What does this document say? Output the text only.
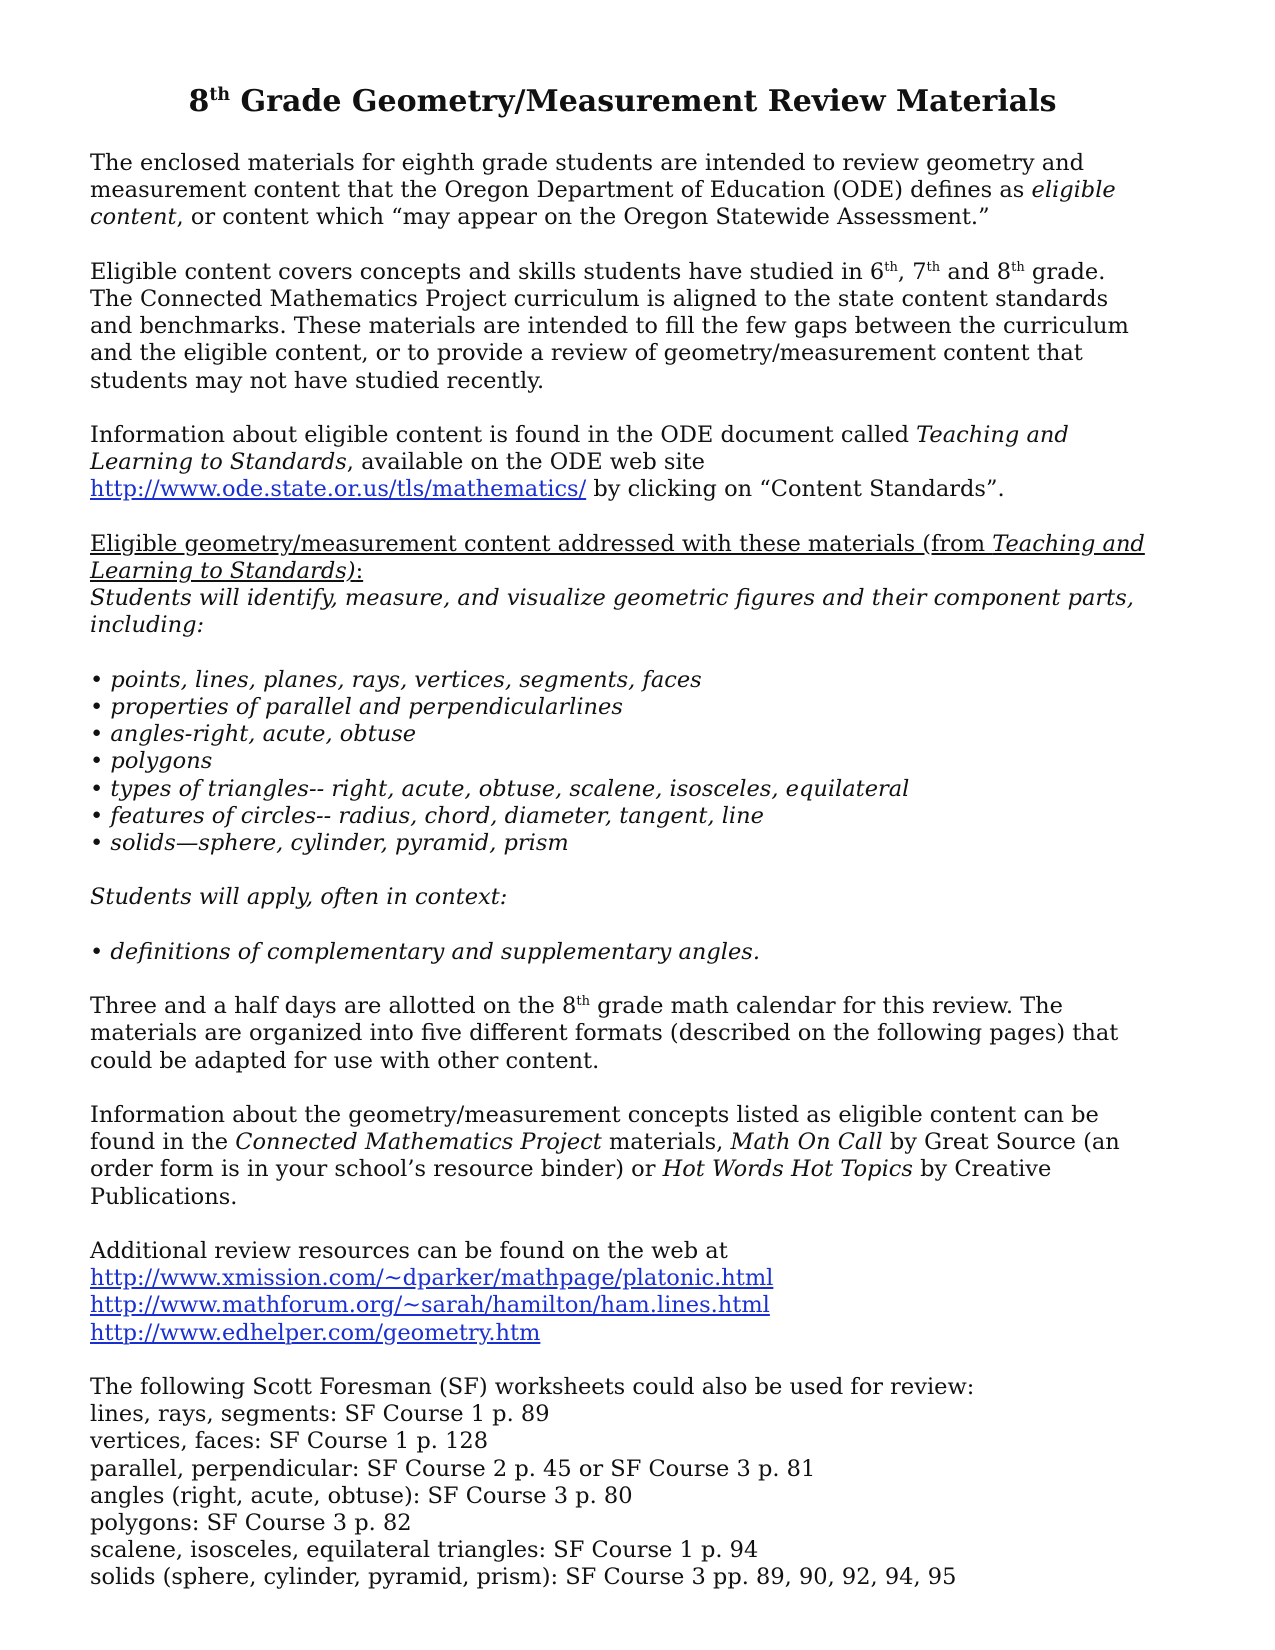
8th Grade Geometry/Measurement Review Materials

The enclosed materials for eighth grade students are intended to review geometry and measurement content that the Oregon Department of Education (ODE) defines as eligible content, or content which “may appear on the Oregon Statewide Assessment.”

Eligible content covers concepts and skills students have studied in 6th, 7th and 8th grade. The Connected Mathematics Project curriculum is aligned to the state content standards and benchmarks. These materials are intended to fill the few gaps between the curriculum and the eligible content, or to provide a review of geometry/measurement content that students may not have studied recently.

Information about eligible content is found in the ODE document called Teaching and Learning to Standards, available on the ODE web site http://www.ode.state.or.us/tls/mathematics/ by clicking on “Content Standards”.

Eligible geometry/measurement content addressed with these materials (from Teaching and Learning to Standards):

Students will identify, measure, and visualize geometric figures and their component parts, including:

• points, lines, planes, rays, vertices, segments, faces
• properties of parallel and perpendicularlines
• angles-right, acute, obtuse
• polygons
• types of triangles-- right, acute, obtuse, scalene, isosceles, equilateral
• features of circles-- radius, chord, diameter, tangent, line
• solids—sphere, cylinder, pyramid, prism

Students will apply, often in context:

• definitions of complementary and supplementary angles.

Three and a half days are allotted on the 8th grade math calendar for this review. The materials are organized into five different formats (described on the following pages) that could be adapted for use with other content.

Information about the geometry/measurement concepts listed as eligible content can be found in the Connected Mathematics Project materials, Math On Call by Great Source (an order form is in your school’s resource binder) or Hot Words Hot Topics by Creative Publications.

Additional review resources can be found on the web at
http://www.xmission.com/~dparker/mathpage/platonic.html
http://www.mathforum.org/~sarah/hamilton/ham.lines.html
http://www.edhelper.com/geometry.htm
The following Scott Foresman (SF) worksheets could also be used for review:
lines, rays, segments: SF Course 1 p. 89
vertices, faces: SF Course 1 p. 128
parallel, perpendicular: SF Course 2 p. 45 or SF Course 3 p. 81
angles (right, acute, obtuse): SF Course 3 p. 80
polygons: SF Course 3 p. 82
scalene, isosceles, equilateral triangles: SF Course 1 p. 94
solids (sphere, cylinder, pyramid, prism): SF Course 3 pp. 89, 90, 92, 94, 95
